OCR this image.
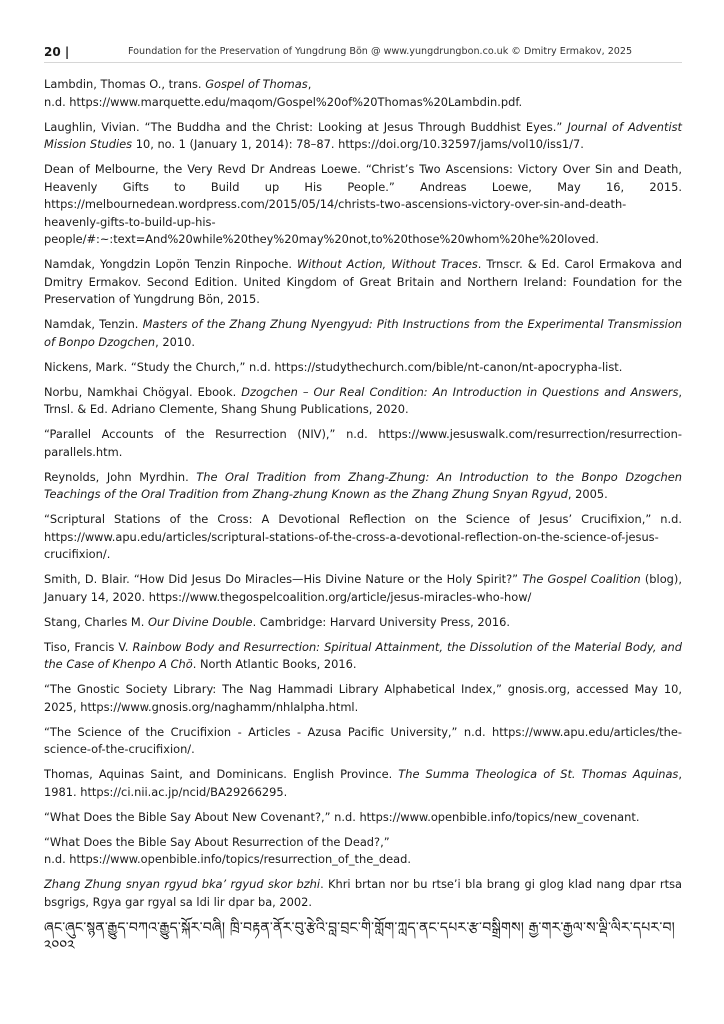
20 |	Foundation for the Preservation of Yungdrung Bön @ www.yungdrungbon.co.uk © Dmitry Ermakov, 2025
Lambdin, Thomas O., trans. Gospel of Thomas,
n.d. https://www.marquette.edu/maqom/Gospel%20of%20Thomas%20Lambdin.pdf.
Laughlin, Vivian. “The Buddha and the Christ: Looking at Jesus Through Buddhist Eyes.” Journal of Adventist Mission Studies 10, no. 1 (January 1, 2014): 78–87. https://doi.org/10.32597/jams/vol10/iss1/7.
Dean of Melbourne, the Very Revd Dr Andreas Loewe. “Christ’s Two Ascensions: Victory Over Sin and Death, Heavenly Gifts to Build up His People.” Andreas Loewe, May 16, 2015. https://melbournedean.wordpress.com/2015/05/14/christs-two-ascensions-victory-over-sin-and-death-heavenly-gifts-to-build-up-his-people/#:~:text=And%20while%20they%20may%20not,to%20those%20whom%20he%20loved.
Namdak, Yongdzin Lopön Tenzin Rinpoche. Without Action, Without Traces. Trnscr. & Ed. Carol Ermakova and Dmitry Ermakov. Second Edition. United Kingdom of Great Britain and Northern Ireland: Foundation for the Preservation of Yungdrung Bön, 2015.
Namdak, Tenzin. Masters of the Zhang Zhung Nyengyud: Pith Instructions from the Experimental Transmission of Bonpo Dzogchen, 2010.
Nickens, Mark. “Study the Church,” n.d. https://studythechurch.com/bible/nt-canon/nt-apocrypha-list.
Norbu, Namkhai Chögyal. Ebook. Dzogchen – Our Real Condition: An Introduction in Questions and Answers, Trnsl. & Ed. Adriano Clemente, Shang Shung Publications, 2020.
“Parallel Accounts of the Resurrection (NIV),” n.d. https://www.jesuswalk.com/resurrection/resurrection-parallels.htm.
Reynolds, John Myrdhin. The Oral Tradition from Zhang-Zhung: An Introduction to the Bonpo Dzogchen Teachings of the Oral Tradition from Zhang-zhung Known as the Zhang Zhung Snyan Rgyud, 2005.
“Scriptural Stations of the Cross: A Devotional Reflection on the Science of Jesus’ Crucifixion,” n.d. https://www.apu.edu/articles/scriptural-stations-of-the-cross-a-devotional-reflection-on-the-science-of-jesus-crucifixion/.
Smith, D. Blair. “How Did Jesus Do Miracles—His Divine Nature or the Holy Spirit?” The Gospel Coalition (blog), January 14, 2020. https://www.thegospelcoalition.org/article/jesus-miracles-who-how/
Stang, Charles M. Our Divine Double. Cambridge: Harvard University Press, 2016.
Tiso, Francis V. Rainbow Body and Resurrection: Spiritual Attainment, the Dissolution of the Material Body, and the Case of Khenpo A Chö. North Atlantic Books, 2016.
“The Gnostic Society Library: The Nag Hammadi Library Alphabetical Index,” gnosis.org, accessed May 10, 2025, https://www.gnosis.org/naghamm/nhlalpha.html.
“The Science of the Crucifixion - Articles - Azusa Pacific University,” n.d. https://www.apu.edu/articles/the-science-of-the-crucifixion/.
Thomas, Aquinas Saint, and Dominicans. English Province. The Summa Theologica of St. Thomas Aquinas, 1981. https://ci.nii.ac.jp/ncid/BA29266295.
“What Does the Bible Say About New Covenant?,” n.d. https://www.openbible.info/topics/new_covenant.
“What Does the Bible Say About Resurrection of the Dead?,”
n.d. https://www.openbible.info/topics/resurrection_of_the_dead.
Zhang Zhung snyan rgyud bka’ rgyud skor bzhi. Khri brtan nor bu rtse’i bla brang gi glog klad nang dpar rtsa bsgrigs, Rgya gar rgyal sa ldi lir dpar ba, 2002.
ཞང་ཞུང་སྙན་རྒྱུད་བཀའ་རྒྱུད་སྐོར་བཞི། ཁྲི་བརྟན་ནོར་བུ་རྩེའི་བླ་བྲང་གི་གློག་ཀླད་ནང་དཔར་རྩ་བསྒྲིགས། རྒྱ་གར་རྒྱལ་ས་ལྡི་ལིར་དཔར་བ།
༢༠༠༢
